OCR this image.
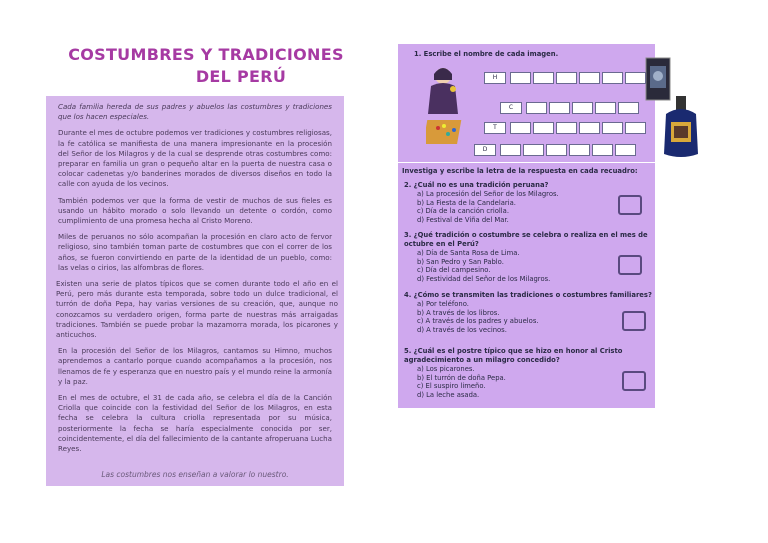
COSTUMBRES Y TRADICIONES
DEL PERÚ

Cada familia hereda de sus padres y abuelos las costumbres y tradiciones que los hacen especiales.

Durante el mes de octubre podemos ver tradiciones y costumbres religiosas, la fe católica se manifiesta de una manera impresionante en la procesión del Señor de los Milagros y de la cual se desprende otras costumbres como: preparar en familia un gran o pequeño altar en la puerta de nuestra casa o colocar cadenetas y/o banderines morados de diversos diseños en todo la calle con ayuda de los vecinos.

También podemos ver que la forma de vestir de muchos de sus fieles es usando un hábito morado o solo llevando un detente o cordón, como cumplimiento de una promesa hecha al Cristo Moreno.

Miles de peruanos no sólo acompañan la procesión en claro acto de fervor religioso, sino también toman parte de costumbres que con el correr de los años, se fueron convirtiendo en parte de la identidad de un pueblo, como: las velas o cirios, las alfombras de flores.

Existen una serie de platos típicos que se comen durante todo el año en el Perú, pero más durante esta temporada, sobre todo un dulce tradicional, el turrón de doña Pepa, hay varias versiones de su creación, que, aunque no conozcamos su verdadero origen, forma parte de nuestras más arraigadas tradiciones. También se puede probar la mazamorra morada, los picarones y anticuchos.

En la procesión del Señor de los Milagros, cantamos su Himno, muchos aprendemos a cantarlo porque cuando acompañamos a la procesión, nos llenamos de fe y esperanza que en nuestro país y el mundo reine la armonía y la paz.

En el mes de octubre, el 31 de cada año, se celebra el día de la Canción Criolla que coincide con la festividad del Señor de los Milagros, en esta fecha se celebra la cultura criolla representada por su música, posteriormente la fecha se haría especialmente conocida por ser, coincidentemente, el día del fallecimiento de la cantante afroperuana Lucha Reyes.

Las costumbres nos enseñan a valorar lo nuestro.
1. Escribe el nombre de cada imagen.
H
C
T
D
Investiga y escribe la letra de la respuesta en cada recuadro:
2. ¿Cuál no es una tradición peruana?
a) La procesión del Señor de los Milagros.
b) La Fiesta de la Candelaria.
c) Día de la canción criolla.
d) Festival de Viña del Mar.
3. ¿Qué tradición o costumbre se celebra o realiza en el mes de octubre en el Perú?
a) Día de Santa Rosa de Lima.
b) San Pedro y San Pablo.
c) Día del campesino.
d) Festividad del Señor de los Milagros.
4. ¿Cómo se transmiten las tradiciones o costumbres familiares?
a) Por teléfono.
b) A través de los libros.
c) A través de los padres y abuelos.
d) A través de los vecinos.
5. ¿Cuál es el postre típico que se hizo en honor al Cristo agradecimiento a un milagro concedido?
a) Los picarones.
b) El turrón de doña Pepa.
c) El suspiro limeño.
d) La leche asada.
